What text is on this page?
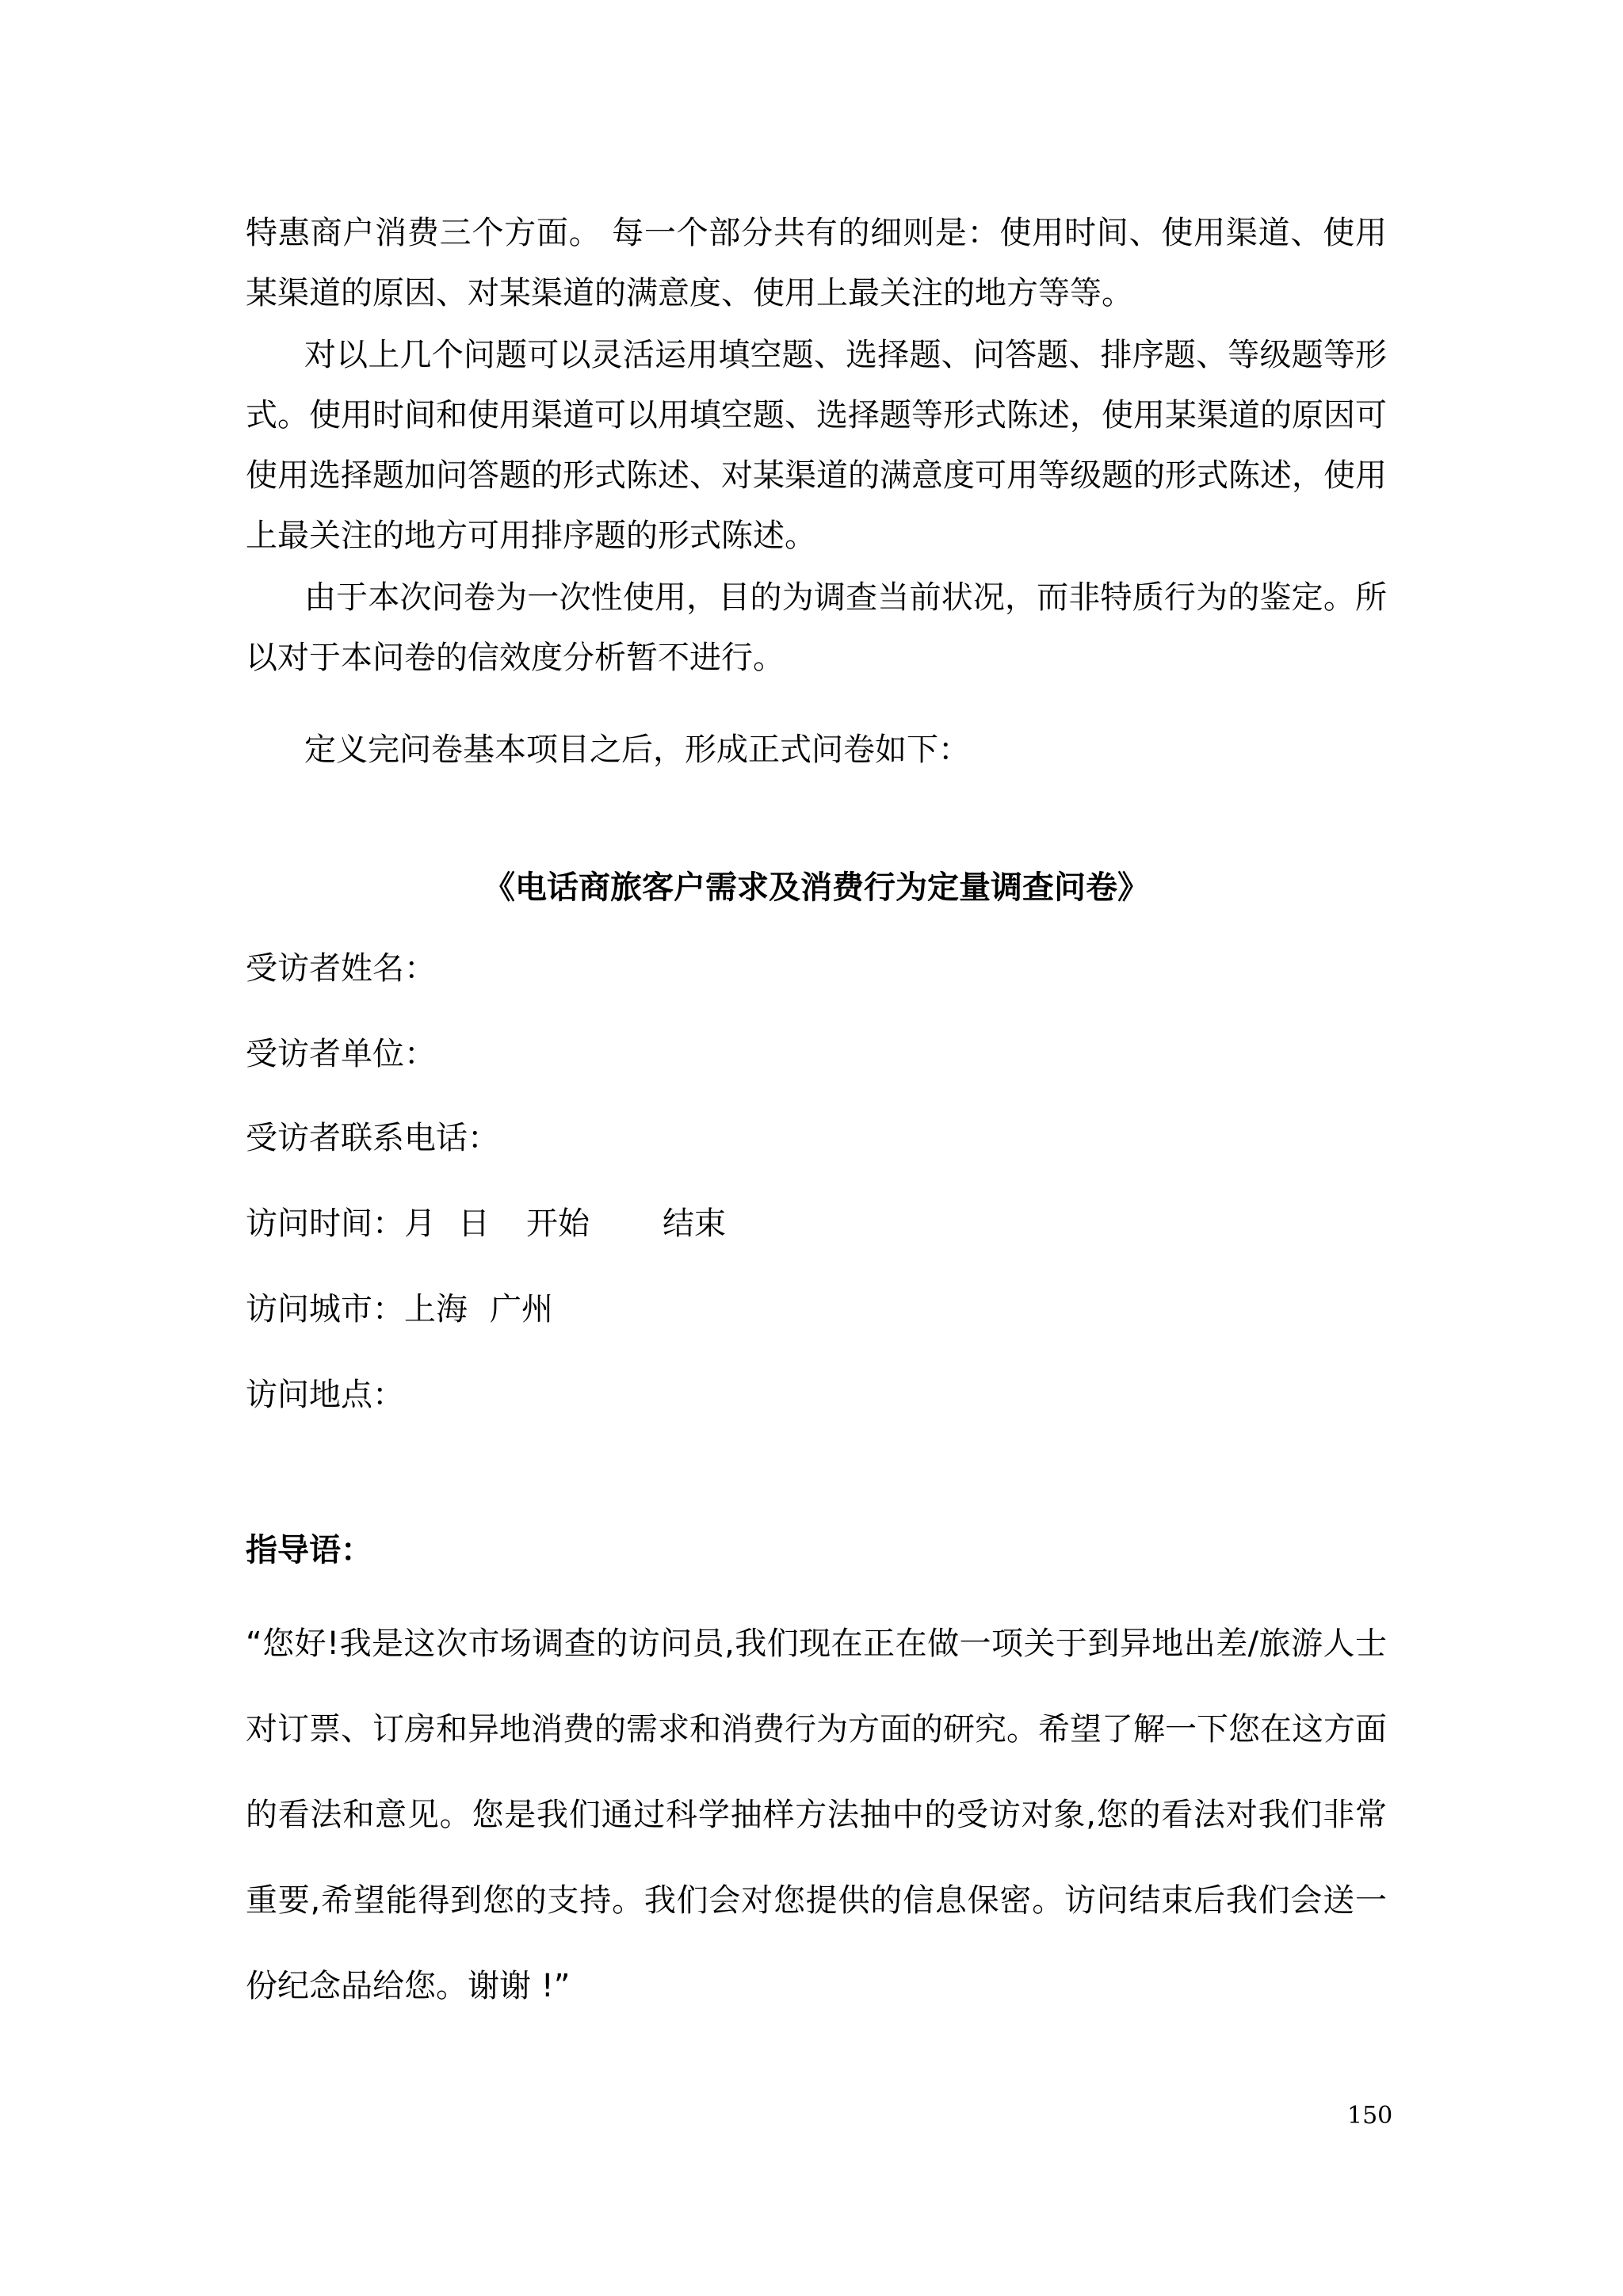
特惠商户消费三个方面。 每一个部分共有的细则是：使用时间、使用渠道、使用某渠道的原因、对某渠道的满意度、使用上最关注的地方等等。

对以上几个问题可以灵活运用填空题、选择题、问答题、排序题、等级题等形式。使用时间和使用渠道可以用填空题、选择题等形式陈述，使用某渠道的原因可使用选择题加问答题的形式陈述、对某渠道的满意度可用等级题的形式陈述，使用上最关注的地方可用排序题的形式陈述。

由于本次问卷为一次性使用，目的为调查当前状况，而非特质行为的鉴定。所以对于本问卷的信效度分析暂不进行。

定义完问卷基本项目之后，形成正式问卷如下：

《电话商旅客户需求及消费行为定量调查问卷》
受访者姓名：
受访者单位：
受访者联系电话：
访问时间：月 日 开始 结束
访问城市：上海 广州
访问地点：
指导语：

“您好!我是这次市场调查的访问员,我们现在正在做一项关于到异地出差/旅游人士对订票、订房和异地消费的需求和消费行为方面的研究。希望了解一下您在这方面的看法和意见。您是我们通过科学抽样方法抽中的受访对象,您的看法对我们非常重要,希望能得到您的支持。我们会对您提供的信息保密。访问结束后我们会送一份纪念品给您。谢谢 !”

150
